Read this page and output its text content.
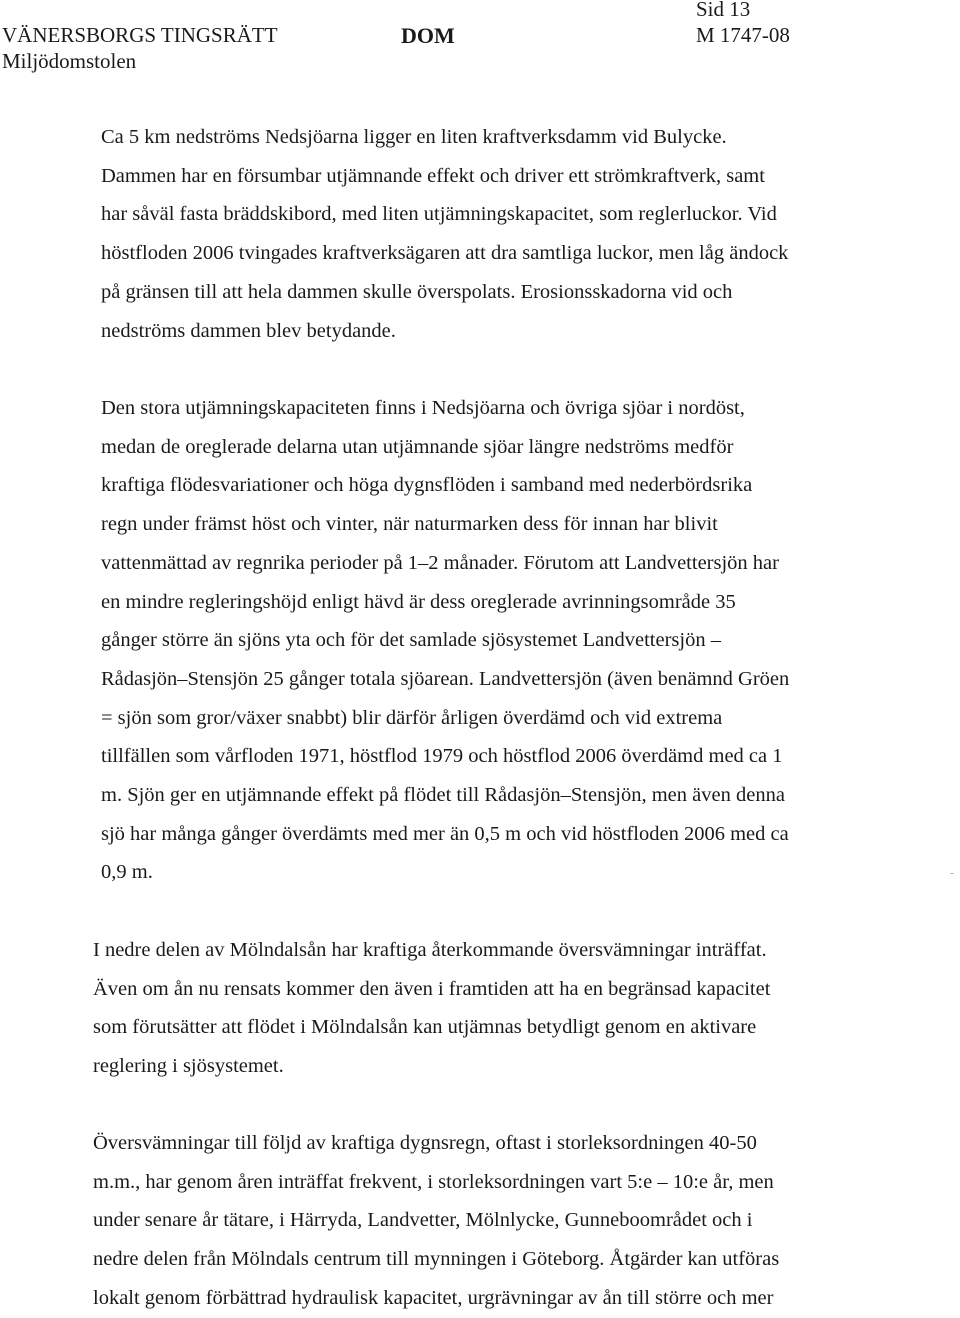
VÄNERSBORGS TINGSRÄTT
Miljödomstolen
DOM
Sid 13
M 1747-08

Ca 5 km nedströms Nedsjöarna ligger en liten kraftverksdamm vid Bulycke.
Dammen har en försumbar utjämnande effekt och driver ett strömkraftverk, samt
har såväl fasta bräddskibord, med liten utjämningskapacitet, som reglerluckor. Vid
höstfloden 2006 tvingades kraftverksägaren att dra samtliga luckor, men låg ändock
på gränsen till att hela dammen skulle överspolats. Erosionsskadorna vid och
nedströms dammen blev betydande.

Den stora utjämningskapaciteten finns i Nedsjöarna och övriga sjöar i nordöst,
medan de oreglerade delarna utan utjämnande sjöar längre nedströms medför
kraftiga flödesvariationer och höga dygnsflöden i samband med nederbördsrika
regn under främst höst och vinter, när naturmarken dess för innan har blivit
vattenmättad av regnrika perioder på 1–2 månader. Förutom att Landvettersjön har
en mindre regleringshöjd enligt hävd är dess oreglerade avrinningsområde 35
gånger större än sjöns yta och för det samlade sjösystemet Landvettersjön –
Rådasjön–Stensjön 25 gånger totala sjöarean. Landvettersjön (även benämnd Gröen
= sjön som gror/växer snabbt) blir därför årligen överdämd och vid extrema
tillfällen som vårfloden 1971, höstflod 1979 och höstflod 2006 överdämd med ca 1
m. Sjön ger en utjämnande effekt på flödet till Rådasjön–Stensjön, men även denna
sjö har många gånger överdämts med mer än 0,5 m och vid höstfloden 2006 med ca
0,9 m.

I nedre delen av Mölndalsån har kraftiga återkommande översvämningar inträffat.
Även om ån nu rensats kommer den även i framtiden att ha en begränsad kapacitet
som förutsätter att flödet i Mölndalsån kan utjämnas betydligt genom en aktivare
reglering i sjösystemet.

Översvämningar till följd av kraftiga dygnsregn, oftast i storleksordningen 40-50
m.m., har genom åren inträffat frekvent, i storleksordningen vart 5:e – 10:e år, men
under senare år tätare, i Härryda, Landvetter, Mölnlycke, Gunneboområdet och i
nedre delen från Mölndals centrum till mynningen i Göteborg. Åtgärder kan utföras
lokalt genom förbättrad hydraulisk kapacitet, urgrävningar av ån till större och mer
